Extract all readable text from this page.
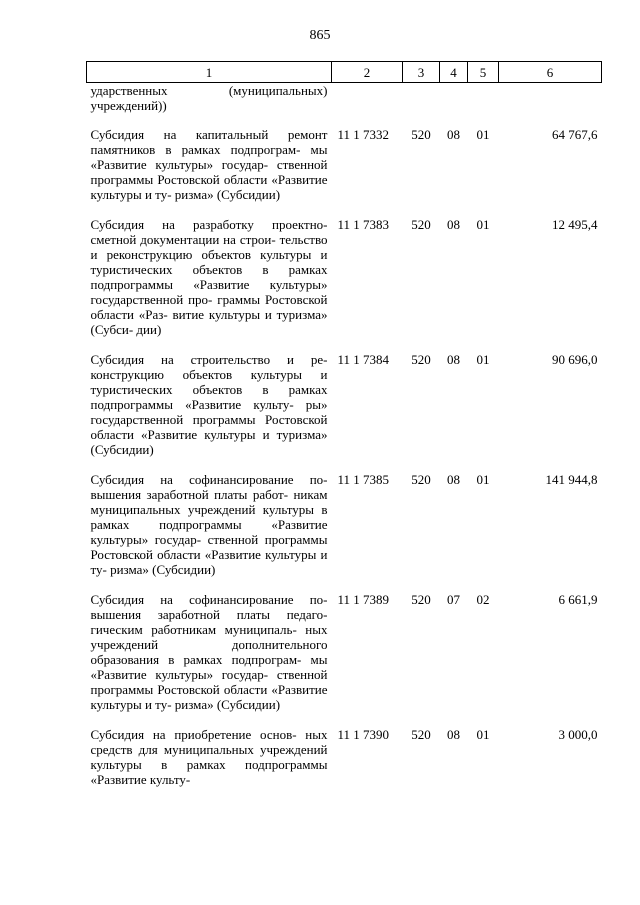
865
1	2	3	4	5	6
ударственных (муниципальных) учреждений))					
Субсидия на капитальный ремонт памятников в рамках подпрограм- мы «Развитие культуры» государ- ственной программы Ростовской области «Развитие культуры и ту- ризма» (Субсидии)	11 1 7332	520	08	01	64 767,6
Субсидия на разработку проектно- сметной документации на строи- тельство и реконструкцию объектов культуры и туристических объектов в рамках подпрограммы «Развитие культуры» государственной про- граммы Ростовской области «Раз- витие культуры и туризма» (Субси- дии)	11 1 7383	520	08	01	12 495,4
Субсидия на строительство и ре- конструкцию объектов культуры и туристических объектов в рамках подпрограммы «Развитие культу- ры» государственной программы Ростовской области «Развитие культуры и туризма» (Субсидии)	11 1 7384	520	08	01	90 696,0
Субсидия на софинансирование по- вышения заработной платы работ- никам муниципальных учреждений культуры в рамках подпрограммы «Развитие культуры» государ- ственной программы Ростовской области «Развитие культуры и ту- ризма» (Субсидии)	11 1 7385	520	08	01	141 944,8
Субсидия на софинансирование по- вышения заработной платы педаго- гическим работникам муниципаль- ных учреждений дополнительного образования в рамках подпрограм- мы «Развитие культуры» государ- ственной программы Ростовской области «Развитие культуры и ту- ризма» (Субсидии)	11 1 7389	520	07	02	6 661,9
Субсидия на приобретение основ- ных средств для муниципальных учреждений культуры в рамках подпрограммы «Развитие культу-	11 1 7390	520	08	01	3 000,0
